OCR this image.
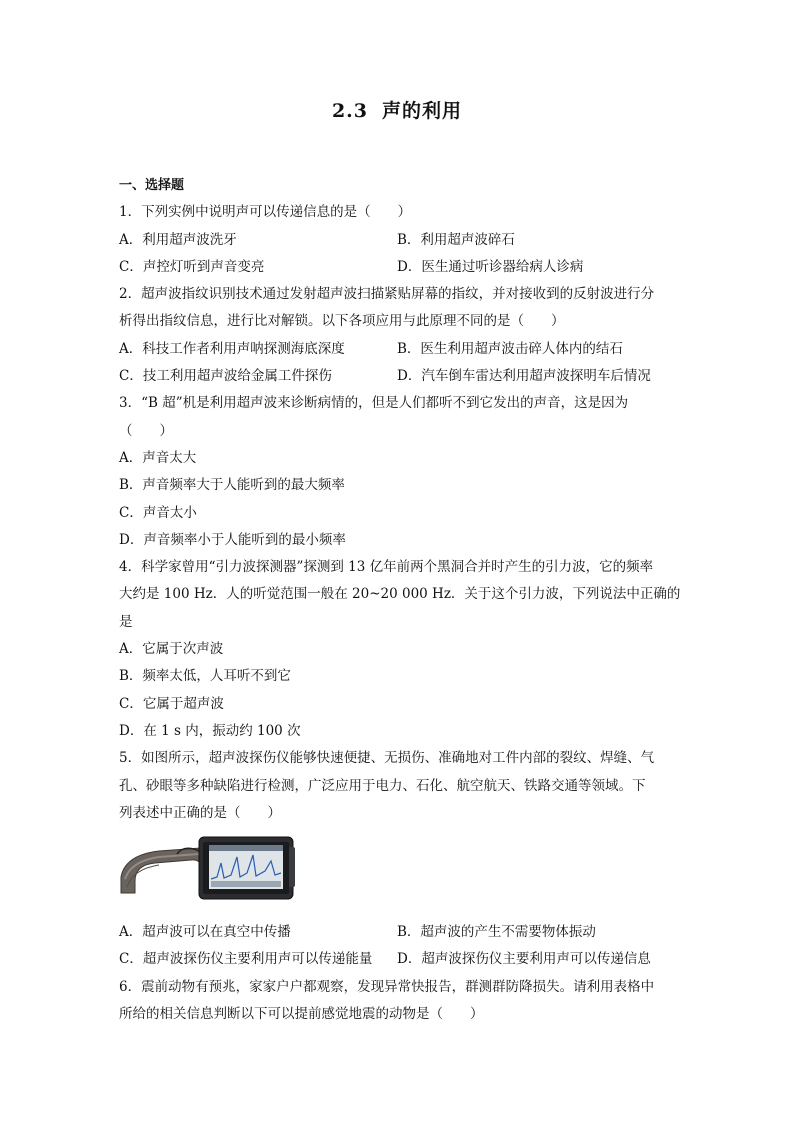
2.3 声的利用
一、选择题
1．下列实例中说明声可以传递信息的是（　　）
A．利用超声波洗牙	B．利用超声波碎石
C．声控灯听到声音变亮	D．医生通过听诊器给病人诊病
2．超声波指纹识别技术通过发射超声波扫描紧贴屏幕的指纹，并对接收到的反射波进行分
析得出指纹信息，进行比对解锁。以下各项应用与此原理不同的是（　　）
A．科技工作者利用声呐探测海底深度	B．医生利用超声波击碎人体内的结石
C．技工利用超声波给金属工件探伤	D．汽车倒车雷达利用超声波探明车后情况
3．“B 超”机是利用超声波来诊断病情的，但是人们都听不到它发出的声音，这是因为
（　　）
A．声音太大
B．声音频率大于人能听到的最大频率
C．声音太小
D．声音频率小于人能听到的最小频率
4．科学家曾用“引力波探测器”探测到 13 亿年前两个黑洞合并时产生的引力波，它的频率
大约是 100 Hz．人的听觉范围一般在 20~20 000 Hz．关于这个引力波，下列说法中正确的
是
A．它属于次声波
B．频率太低，人耳听不到它
C．它属于超声波
D．在 1 s 内，振动约 100 次
5．如图所示，超声波探伤仪能够快速便捷、无损伤、准确地对工件内部的裂纹、焊缝、气
孔、砂眼等多种缺陷进行检测，广泛应用于电力、石化、航空航天、铁路交通等领域。下
列表述中正确的是（　　）
A．超声波可以在真空中传播	B．超声波的产生不需要物体振动
C．超声波探伤仪主要利用声可以传递能量	D．超声波探伤仪主要利用声可以传递信息
6．震前动物有预兆，家家户户都观察，发现异常快报告，群测群防降损失。请利用表格中
所给的相关信息判断以下可以提前感觉地震的动物是（　　）
